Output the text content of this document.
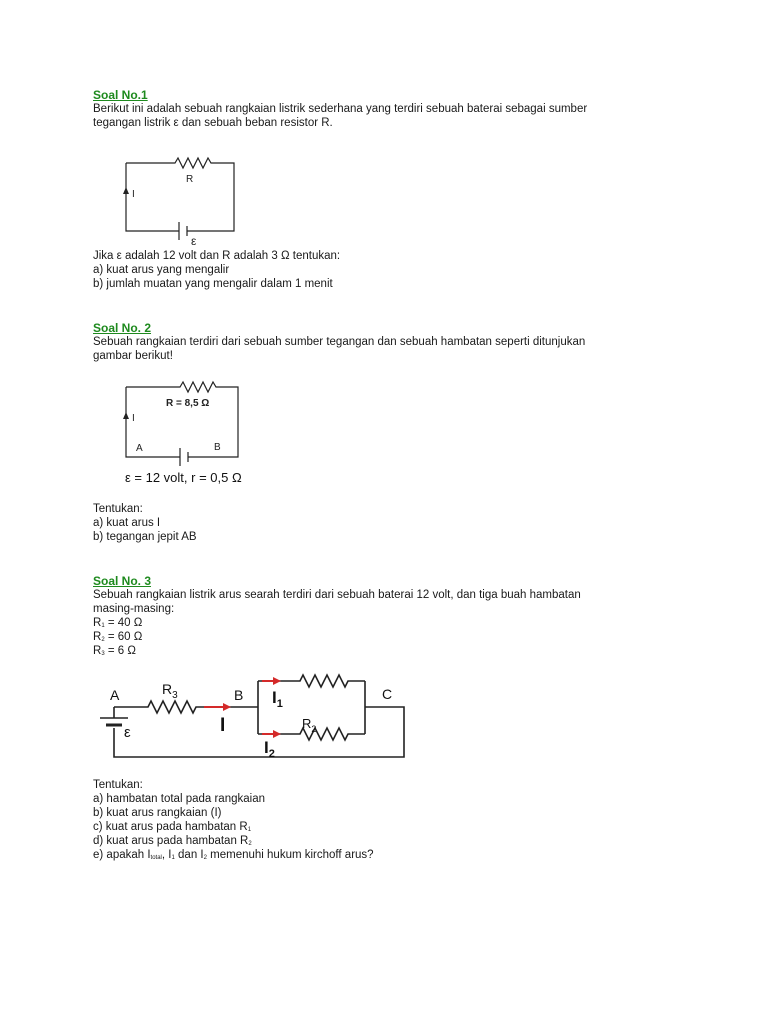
Soal No.1
Berikut ini adalah sebuah rangkaian listrik sederhana yang terdiri sebuah baterai sebagai sumber
tegangan listrik ε dan sebuah beban resistor R.
R
I
ε
Jika ε adalah 12 volt dan R adalah 3 Ω tentukan:
a) kuat arus yang mengalir
b) jumlah muatan yang mengalir dalam 1 menit
Soal No. 2
Sebuah rangkaian terdiri dari sebuah sumber tegangan dan sebuah hambatan seperti ditunjukan
gambar berikut!
R = 8,5 Ω
I
A	B
ε = 12 volt, r = 0,5 Ω
Tentukan:
a) kuat arus I
b) tegangan jepit AB
Soal No. 3
Sebuah rangkaian listrik arus searah terdiri dari sebuah baterai 12 volt, dan tiga buah hambatan
masing-masing:
$R_1 = 40$ Ω
$R_2 = 60$ Ω
$R_3 = 6$ Ω
A	$R_3$	B	C
$R_2$
I
$I_1$
$I_2$
ε
Tentukan:
a) hambatan total pada rangkaian
b) kuat arus rangkaian (I)
c) kuat arus pada hambatan $R_1$
d) kuat arus pada hambatan $R_2$
e) apakah $I_{total}$, $I_1$ dan $I_2$ memenuhi hukum kirchoff arus?
